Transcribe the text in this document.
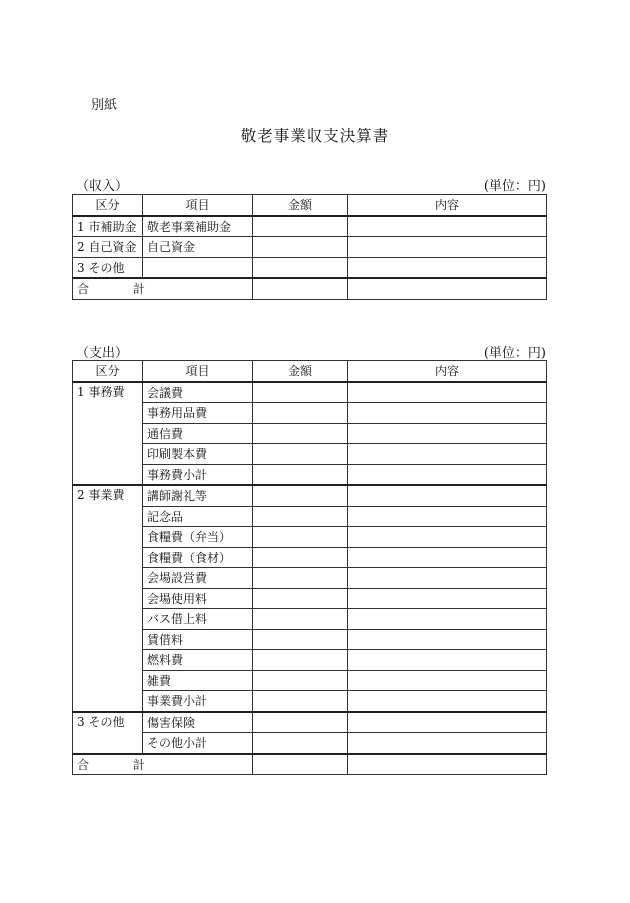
別紙
敬老事業収支決算書
（収入）	(単位：円)
区分	項目	金額	内容
1 市補助金	敬老事業補助金		
2 自己資金	自己資金		
3 その他			
合 計			
（支出）	(単位：円)
区分	項目	金額	内容
1 事務費	会議費		
	事務用品費		
	通信費		
	印刷製本費		
	事務費小計		
2 事業費	講師謝礼等		
	記念品		
	食糧費（弁当）		
	食糧費（食材）		
	会場設営費		
	会場使用料		
	バス借上料		
	賃借料		
	燃料費		
	雑費		
	事業費小計		
3 その他	傷害保険		
	その他小計		
合 計			
